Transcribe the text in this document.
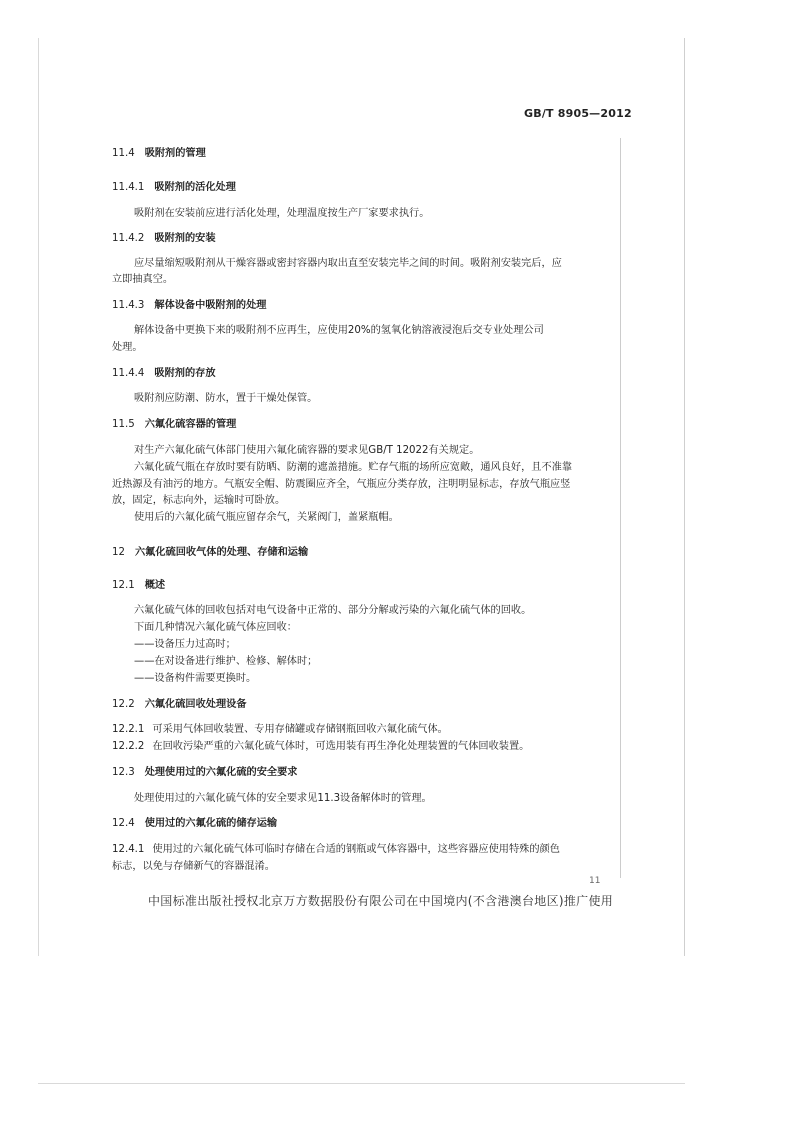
GB/T 8905—2012
11.4 吸附剂的管理
11.4.1 吸附剂的活化处理
吸附剂在安装前应进行活化处理，处理温度按生产厂家要求执行。
11.4.2 吸附剂的安装
应尽量缩短吸附剂从干燥容器或密封容器内取出直至安装完毕之间的时间。吸附剂安装完后，应
立即抽真空。
11.4.3 解体设备中吸附剂的处理
解体设备中更换下来的吸附剂不应再生，应使用20%的氢氧化钠溶液浸泡后交专业处理公司
处理。
11.4.4 吸附剂的存放
吸附剂应防潮、防水，置于干燥处保管。
11.5 六氟化硫容器的管理
对生产六氟化硫气体部门使用六氟化硫容器的要求见GB/T 12022有关规定。
六氟化硫气瓶在存放时要有防晒、防潮的遮盖措施。贮存气瓶的场所应宽敞，通风良好，且不准靠
近热源及有油污的地方。气瓶安全帽、防震圈应齐全，气瓶应分类存放，注明明显标志，存放气瓶应竖
放，固定，标志向外，运输时可卧放。
使用后的六氟化硫气瓶应留存余气，关紧阀门，盖紧瓶帽。
12 六氟化硫回收气体的处理、存储和运输
12.1 概述
六氟化硫气体的回收包括对电气设备中正常的、部分分解或污染的六氟化硫气体的回收。
下面几种情况六氟化硫气体应回收：
——设备压力过高时；
——在对设备进行维护、检修、解体时；
——设备构件需要更换时。
12.2 六氟化硫回收处理设备
12.2.1 可采用气体回收装置、专用存储罐或存储钢瓶回收六氟化硫气体。
12.2.2 在回收污染严重的六氟化硫气体时，可选用装有再生净化处理装置的气体回收装置。
12.3 处理使用过的六氟化硫的安全要求
处理使用过的六氟化硫气体的安全要求见11.3设备解体时的管理。
12.4 使用过的六氟化硫的储存运输
12.4.1 使用过的六氟化硫气体可临时存储在合适的钢瓶或气体容器中，这些容器应使用特殊的颜色
标志，以免与存储新气的容器混淆。
11
中国标准出版社授权北京万方数据股份有限公司在中国境内(不含港澳台地区)推广使用
